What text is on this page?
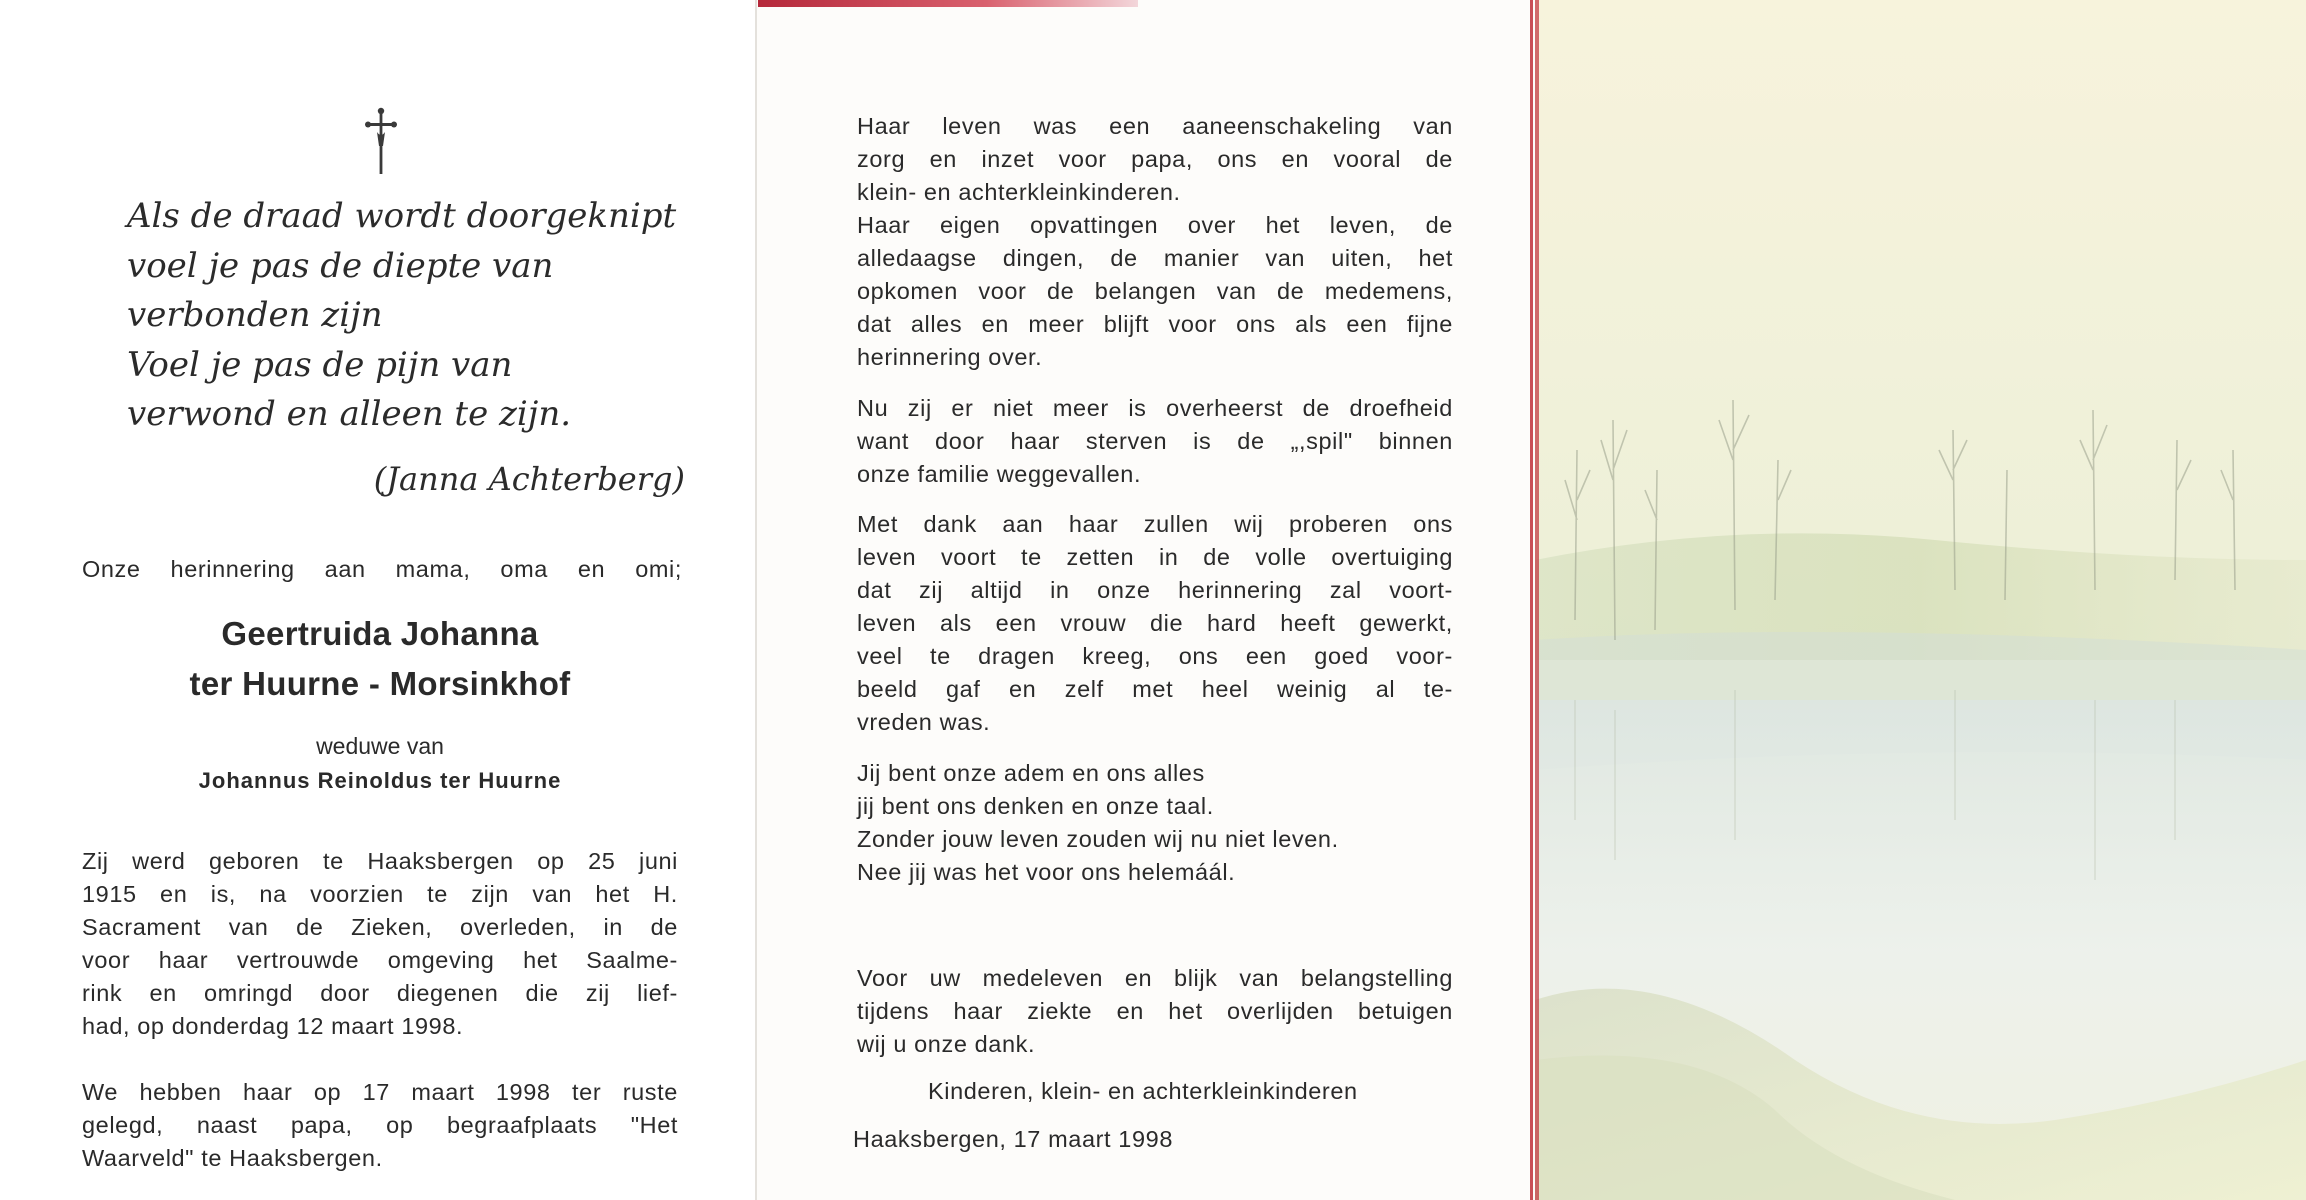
Als de draad wordt doorgeknipt
voel je pas de diepte van
verbonden zijn
Voel je pas de pijn van
verwond en alleen te zijn.
(Janna Achterberg)
Onze herinnering aan mama, oma en omi;
Geertruida Johanna
ter Huurne - Morsinkhof
weduwe van
Johannus Reinoldus ter Huurne
Zij werd geboren te Haaksbergen op 25 juni
1915 en is, na voorzien te zijn van het H.
Sacrament van de Zieken, overleden, in de
voor haar vertrouwde omgeving het Saalme-
rink en omringd door diegenen die zij lief-
had, op donderdag 12 maart 1998.
We hebben haar op 17 maart 1998 ter ruste
gelegd, naast papa, op begraafplaats "Het
Waarveld" te Haaksbergen.
Haar leven was een aaneenschakeling van
zorg en inzet voor papa, ons en vooral de
klein- en achterkleinkinderen.
Haar eigen opvattingen over het leven, de
alledaagse dingen, de manier van uiten, het
opkomen voor de belangen van de medemens,
dat alles en meer blijft voor ons als een fijne
herinnering over.
Nu zij er niet meer is overheerst de droefheid
want door haar sterven is de „,spil" binnen
onze familie weggevallen.
Met dank aan haar zullen wij proberen ons
leven voort te zetten in de volle overtuiging
dat zij altijd in onze herinnering zal voort-
leven als een vrouw die hard heeft gewerkt,
veel te dragen kreeg, ons een goed voor-
beeld gaf en zelf met heel weinig al te-
vreden was.
Jij bent onze adem en ons alles
jij bent ons denken en onze taal.
Zonder jouw leven zouden wij nu niet leven.
Nee jij was het voor ons helemáál.
Voor uw medeleven en blijk van belangstelling
tijdens haar ziekte en het overlijden betuigen
wij u onze dank.
Kinderen, klein- en achterkleinkinderen
Haaksbergen, 17 maart 1998
